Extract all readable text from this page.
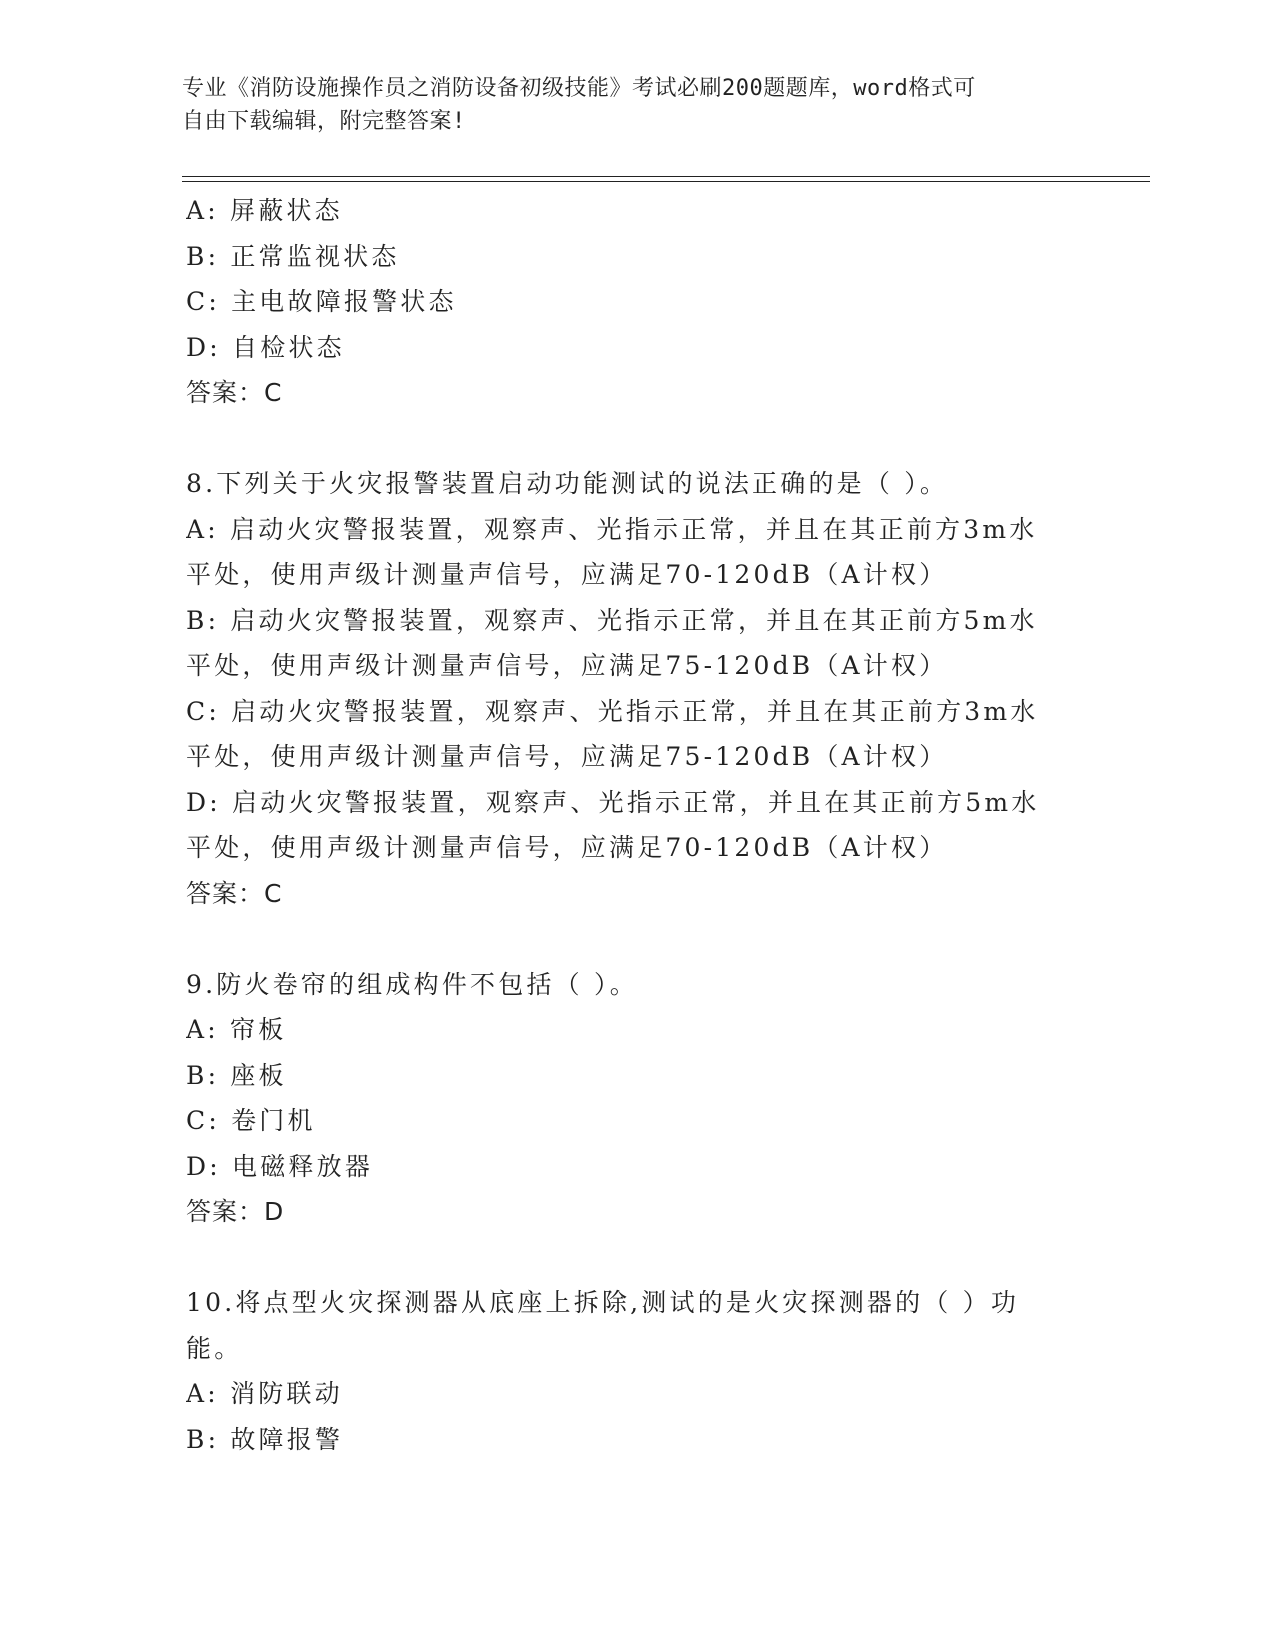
专业《消防设施操作员之消防设备初级技能》考试必刷200题题库，word格式可
自由下载编辑，附完整答案!
A: 屏蔽状态
B: 正常监视状态
C: 主电故障报警状态
D: 自检状态
答案：C
8.下列关于火灾报警装置启动功能测试的说法正确的是（ ）。
A: 启动火灾警报装置，观察声、光指示正常，并且在其正前方3m水
平处，使用声级计测量声信号，应满足70-120dB（A计权）
B: 启动火灾警报装置，观察声、光指示正常，并且在其正前方5m水
平处，使用声级计测量声信号，应满足75-120dB（A计权）
C: 启动火灾警报装置，观察声、光指示正常，并且在其正前方3m水
平处，使用声级计测量声信号，应满足75-120dB（A计权）
D: 启动火灾警报装置，观察声、光指示正常，并且在其正前方5m水
平处，使用声级计测量声信号，应满足70-120dB（A计权）
答案：C
9.防火卷帘的组成构件不包括（ ）。
A: 帘板
B: 座板
C: 卷门机
D: 电磁释放器
答案：D
10.将点型火灾探测器从底座上拆除,测试的是火灾探测器的（ ）功
能。
A: 消防联动
B: 故障报警
